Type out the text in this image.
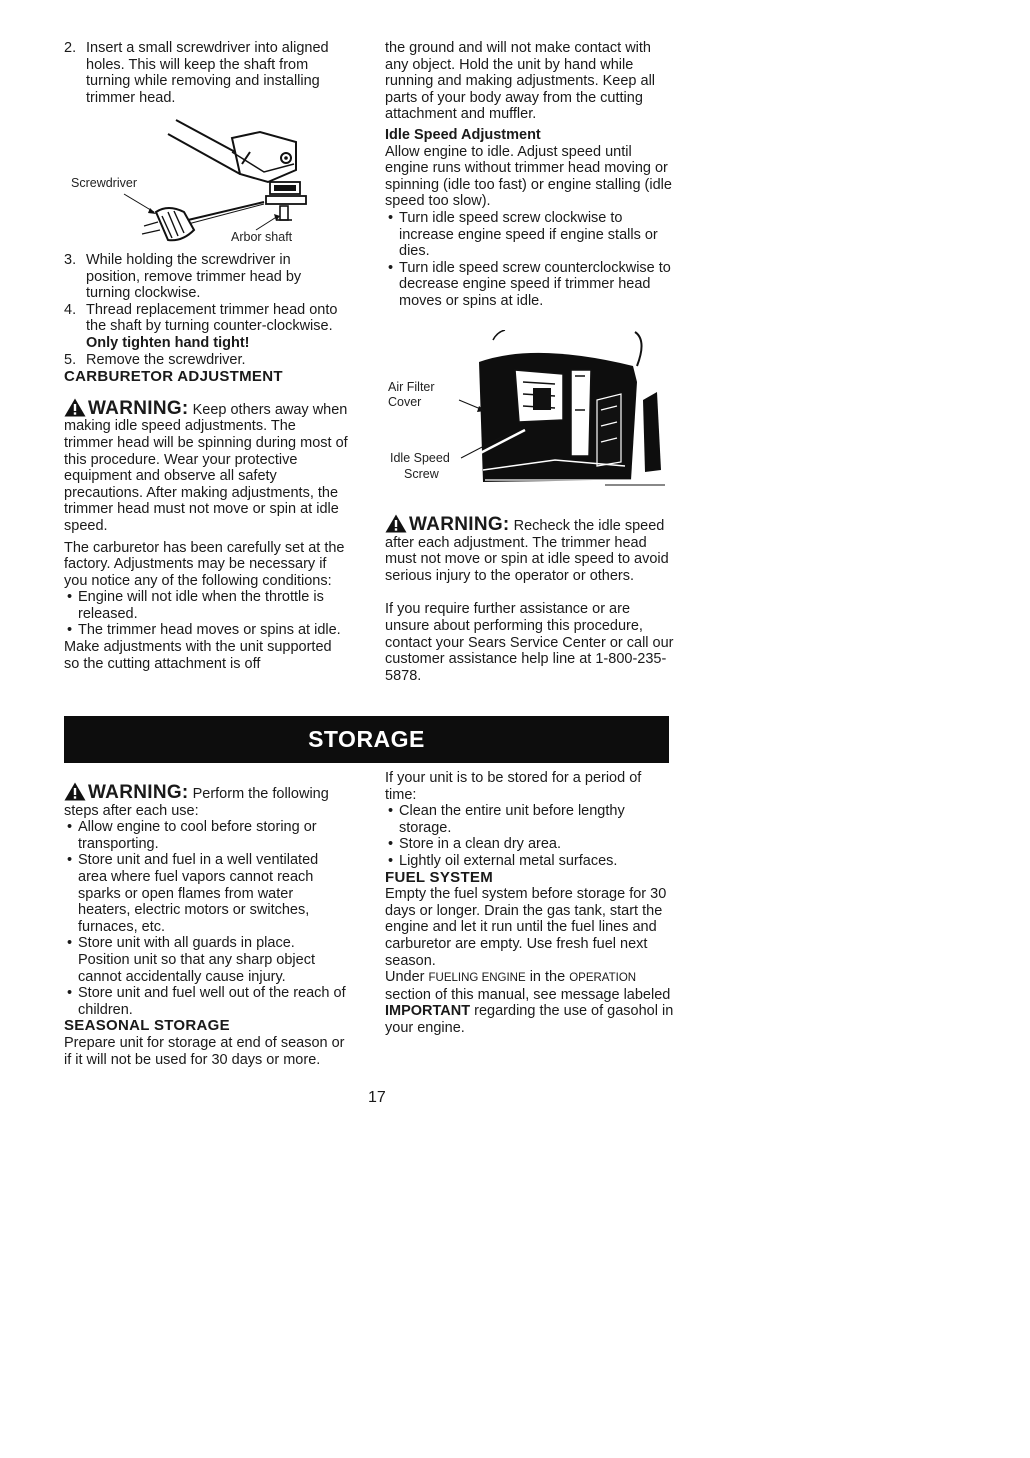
2. Insert a small screwdriver into aligned holes. This will keep the shaft from turning while removing and installing trimmer head.

Screwdriver
Arbor shaft

3. While holding the screwdriver in position, remove trimmer head by turning clockwise.

4. Thread replacement trimmer head onto the shaft by turning counter-clockwise. Only tighten hand tight!

5. Remove the screwdriver.

CARBURETOR ADJUSTMENT

WARNING: Keep others away when making idle speed adjustments. The trimmer head will be spinning during most of this procedure. Wear your protective equipment and observe all safety precautions. After making adjustments, the trimmer head must not move or spin at idle speed.

The carburetor has been carefully set at the factory. Adjustments may be necessary if you notice any of the following conditions:

• Engine will not idle when the throttle is released.

• The trimmer head moves or spins at idle.

Make adjustments with the unit supported so the cutting attachment is off

the ground and will not make contact with any object. Hold the unit by hand while running and making adjustments. Keep all parts of your body away from the cutting attachment and muffler.

Idle Speed Adjustment

Allow engine to idle. Adjust speed until engine runs without trimmer head moving or spinning (idle too fast) or engine stalling (idle speed too slow).

• Turn idle speed screw clockwise to increase engine speed if engine stalls or dies.

• Turn idle speed screw counterclockwise to decrease engine speed if trimmer head moves or spins at idle.

Air Filter
Cover
Idle Speed
Screw

WARNING: Recheck the idle speed after each adjustment. The trimmer head must not move or spin at idle speed to avoid serious injury to the operator or others.

If you require further assistance or are unsure about performing this procedure, contact your Sears Service Center or call our customer assistance help line at 1-800-235-5878.

STORAGE

WARNING: Perform the following steps after each use:

• Allow engine to cool before storing or transporting.

• Store unit and fuel in a well ventilated area where fuel vapors cannot reach sparks or open flames from water heaters, electric motors or switches, furnaces, etc.

• Store unit with all guards in place. Position unit so that any sharp object cannot accidentally cause injury.

• Store unit and fuel well out of the reach of children.

SEASONAL STORAGE

Prepare unit for storage at end of season or if it will not be used for 30 days or more.

If your unit is to be stored for a period of time:

• Clean the entire unit before lengthy storage.

• Store in a clean dry area.

• Lightly oil external metal surfaces.

FUEL SYSTEM

Empty the fuel system before storage for 30 days or longer. Drain the gas tank, start the engine and let it run until the fuel lines and carburetor are empty. Use fresh fuel next season.

Under FUELING ENGINE in the OPERATION section of this manual, see message labeled IMPORTANT regarding the use of gasohol in your engine.

17
